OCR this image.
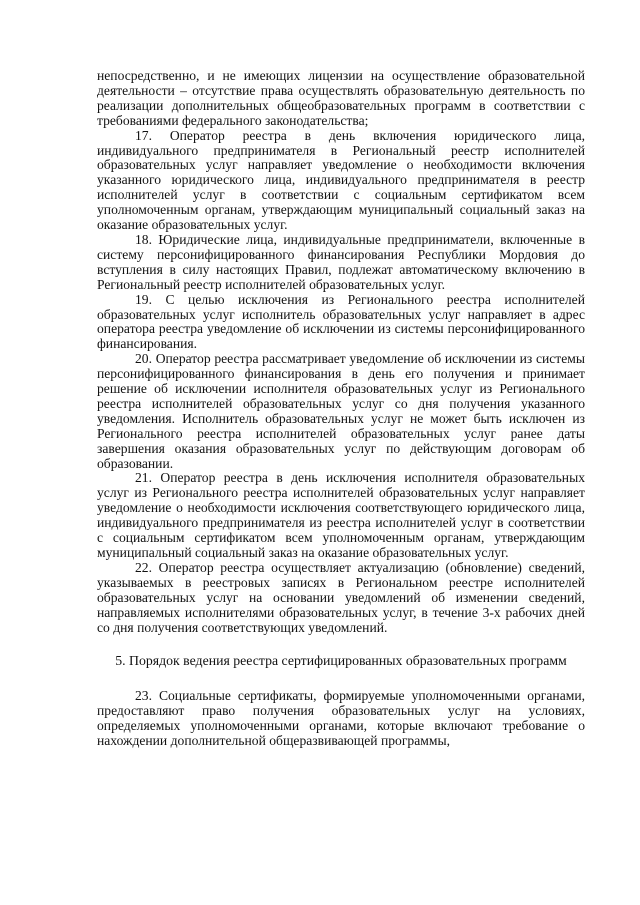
непосредственно, и не имеющих лицензии на осуществление образовательной деятельности – отсутствие права осуществлять образовательную деятельность по реализации дополнительных общеобразовательных программ в соответствии с требованиями федерального законодательства;

17. Оператор реестра в день включения юридического лица, индивидуального предпринимателя в Региональный реестр исполнителей образовательных услуг направляет уведомление о необходимости включения указанного юридического лица, индивидуального предпринимателя в реестр исполнителей услуг в соответствии с социальным сертификатом всем уполномоченным органам, утверждающим муниципальный социальный заказ на оказание образовательных услуг.

18. Юридические лица, индивидуальные предприниматели, включенные в систему персонифицированного финансирования Республики Мордовия до вступления в силу настоящих Правил, подлежат автоматическому включению в Региональный реестр исполнителей образовательных услуг.

19. С целью исключения из Регионального реестра исполнителей образовательных услуг исполнитель образовательных услуг направляет в адрес оператора реестра уведомление об исключении из системы персонифицированного финансирования.

20. Оператор реестра рассматривает уведомление об исключении из системы персонифицированного финансирования в день его получения и принимает решение об исключении исполнителя образовательных услуг из Регионального реестра исполнителей образовательных услуг со дня получения указанного уведомления. Исполнитель образовательных услуг не может быть исключен из Регионального реестра исполнителей образовательных услуг ранее даты завершения оказания образовательных услуг по действующим договорам об образовании.

21. Оператор реестра в день исключения исполнителя образовательных услуг из Регионального реестра исполнителей образовательных услуг направляет уведомление о необходимости исключения соответствующего юридического лица, индивидуального предпринимателя из реестра исполнителей услуг в соответствии с социальным сертификатом всем уполномоченным органам, утверждающим муниципальный социальный заказ на оказание образовательных услуг.

22. Оператор реестра осуществляет актуализацию (обновление) сведений, указываемых в реестровых записях в Региональном реестре исполнителей образовательных услуг на основании уведомлений об изменении сведений, направляемых исполнителями образовательных услуг, в течение 3-х рабочих дней со дня получения соответствующих уведомлений.

5. Порядок ведения реестра сертифицированных образовательных программ

23. Социальные сертификаты, формируемые уполномоченными органами, предоставляют право получения образовательных услуг на условиях, определяемых уполномоченными органами, которые включают требование о нахождении дополнительной общеразвивающей программы,
